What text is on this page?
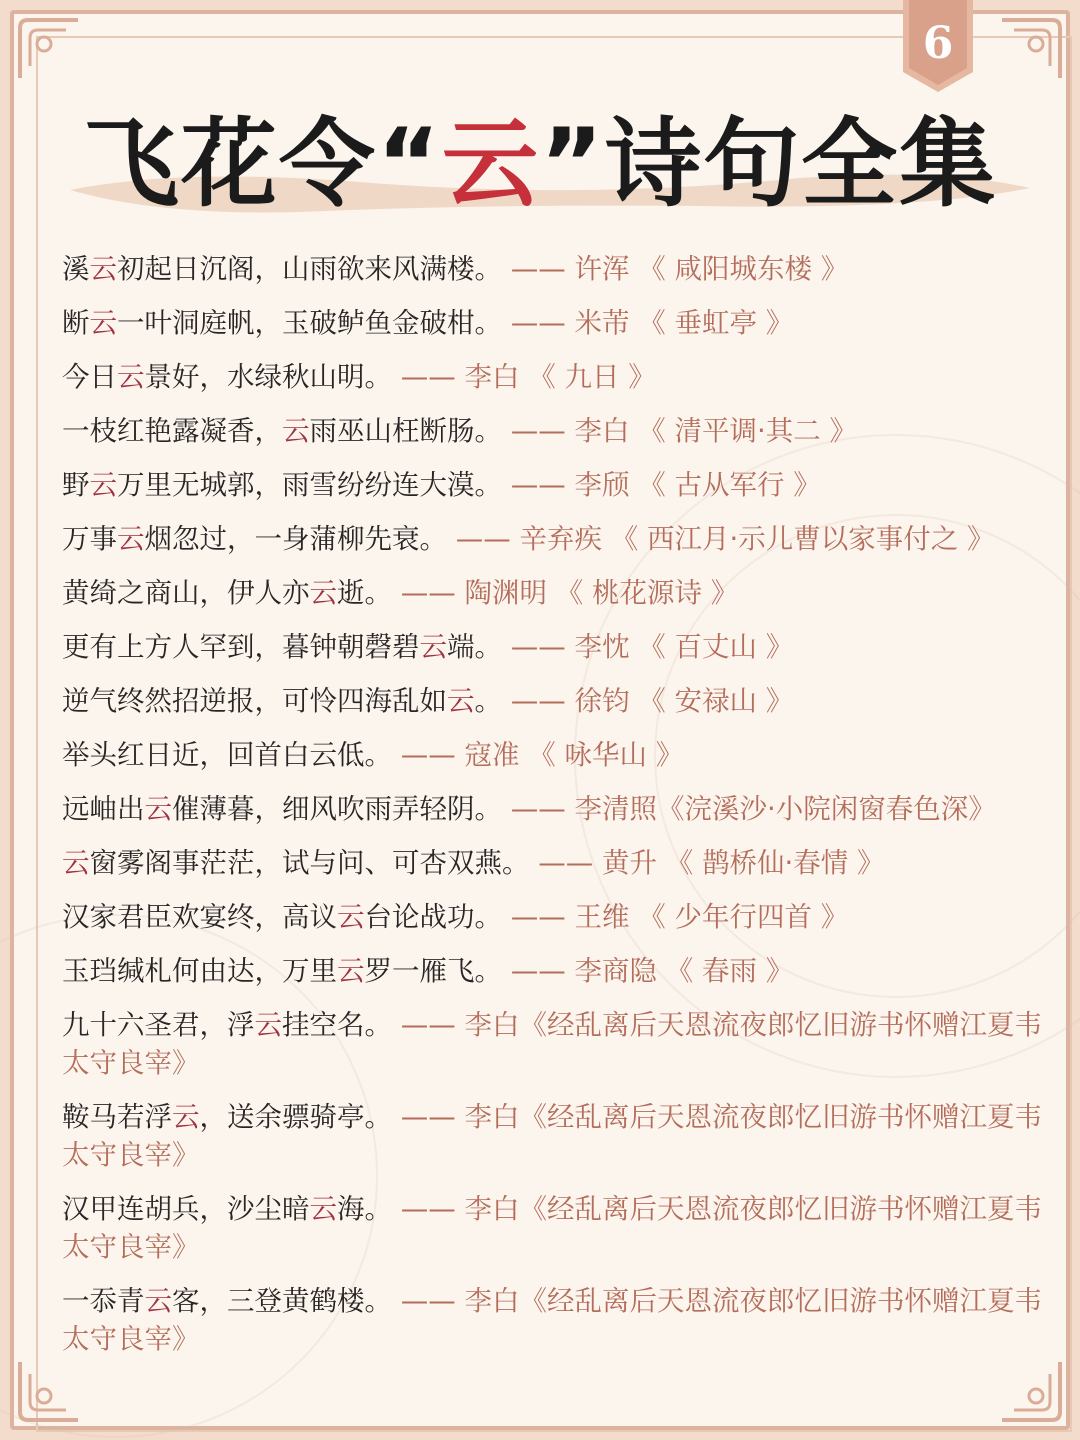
6
飞花令“云”诗句全集
溪云初起日沉阁，山雨欲来风满楼。 —— 许浑 《 咸阳城东楼 》
断云一叶洞庭帆，玉破鲈鱼金破柑。 —— 米芾 《 垂虹亭 》
今日云景好，水绿秋山明。 —— 李白 《 九日 》
一枝红艳露凝香，云雨巫山枉断肠。 —— 李白 《 清平调·其二 》
野云万里无城郭，雨雪纷纷连大漠。 —— 李颀 《 古从军行 》
万事云烟忽过，一身蒲柳先衰。 —— 辛弃疾 《 西江月·示儿曹以家事付之 》
黄绮之商山，伊人亦云逝。 —— 陶渊明 《 桃花源诗 》
更有上方人罕到，暮钟朝磬碧云端。 —— 李忱 《 百丈山 》
逆气终然招逆报，可怜四海乱如云。 —— 徐钧 《 安禄山 》
举头红日近，回首白云低。 —— 寇准 《 咏华山 》
远岫出云催薄暮，细风吹雨弄轻阴。 —— 李清照《浣溪沙·小院闲窗春色深》
云窗雾阁事茫茫，试与问、可杏双燕。 —— 黄升 《 鹊桥仙·春情 》
汉家君臣欢宴终，高议云台论战功。 —— 王维 《 少年行四首 》
玉珰缄札何由达，万里云罗一雁飞。 —— 李商隐 《 春雨 》
九十六圣君，浮云挂空名。 —— 李白《经乱离后天恩流夜郎忆旧游书怀赠江夏韦太守良宰》
鞍马若浮云，送余骠骑亭。 —— 李白《经乱离后天恩流夜郎忆旧游书怀赠江夏韦太守良宰》
汉甲连胡兵，沙尘暗云海。 —— 李白《经乱离后天恩流夜郎忆旧游书怀赠江夏韦太守良宰》
一忝青云客，三登黄鹤楼。 —— 李白《经乱离后天恩流夜郎忆旧游书怀赠江夏韦太守良宰》
